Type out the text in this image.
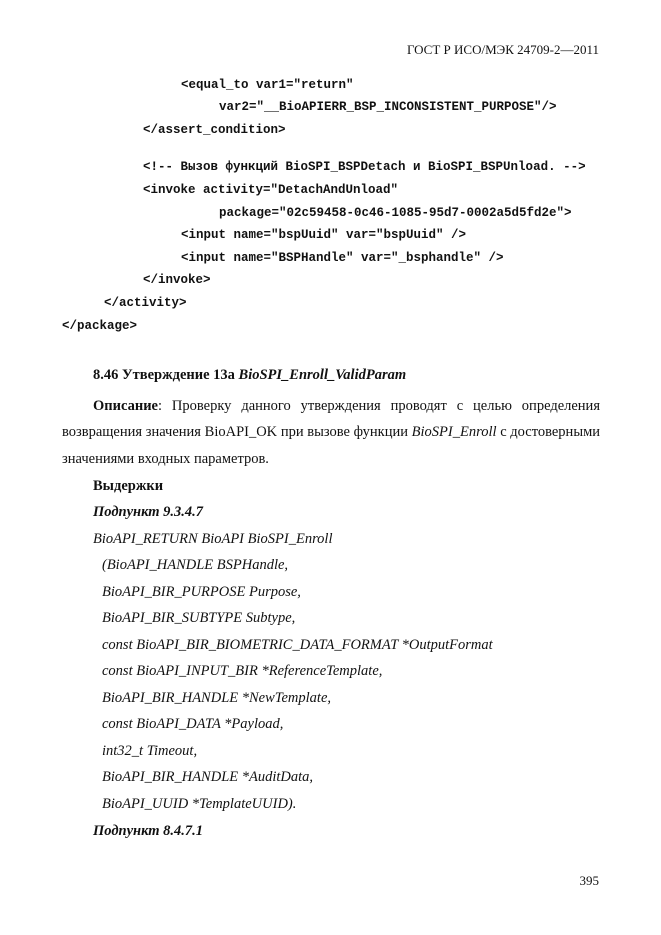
ГОСТ Р ИСО/МЭК 24709-2—2011
<equal_to var1="return"
var2="__BioAPIERR_BSP_INCONSISTENT_PURPOSE"/>
</assert_condition>
<!-- Вызов функций BioSPI_BSPDetach и BioSPI_BSPUnload. -->
<invoke activity="DetachAndUnload"
package="02c59458-0c46-1085-95d7-0002a5d5fd2e">
<input name="bspUuid" var="bspUuid" />
<input name="BSPHandle" var="_bsphandle" />
</invoke>
</activity>
</package>
8.46 Утверждение 13а BioSPI_Enroll_ValidParam
Описание: Проверку данного утверждения проводят с целью определения возвращения значения BioAPI_OK при вызове функции BioSPI_Enroll с достоверными значениями входных параметров.
Выдержки
Подпункт 9.3.4.7
BioAPI_RETURN BioAPI BioSPI_Enroll
(BioAPI_HANDLE BSPHandle,
BioAPI_BIR_PURPOSE Purpose,
BioAPI_BIR_SUBTYPE Subtype,
const BioAPI_BIR_BIOMETRIC_DATA_FORMAT *OutputFormat
const BioAPI_INPUT_BIR *ReferenceTemplate,
BioAPI_BIR_HANDLE *NewTemplate,
const BioAPI_DATA *Payload,
int32_t Timeout,
BioAPI_BIR_HANDLE *AuditData,
BioAPI_UUID *TemplateUUID).
Подпункт 8.4.7.1
395
